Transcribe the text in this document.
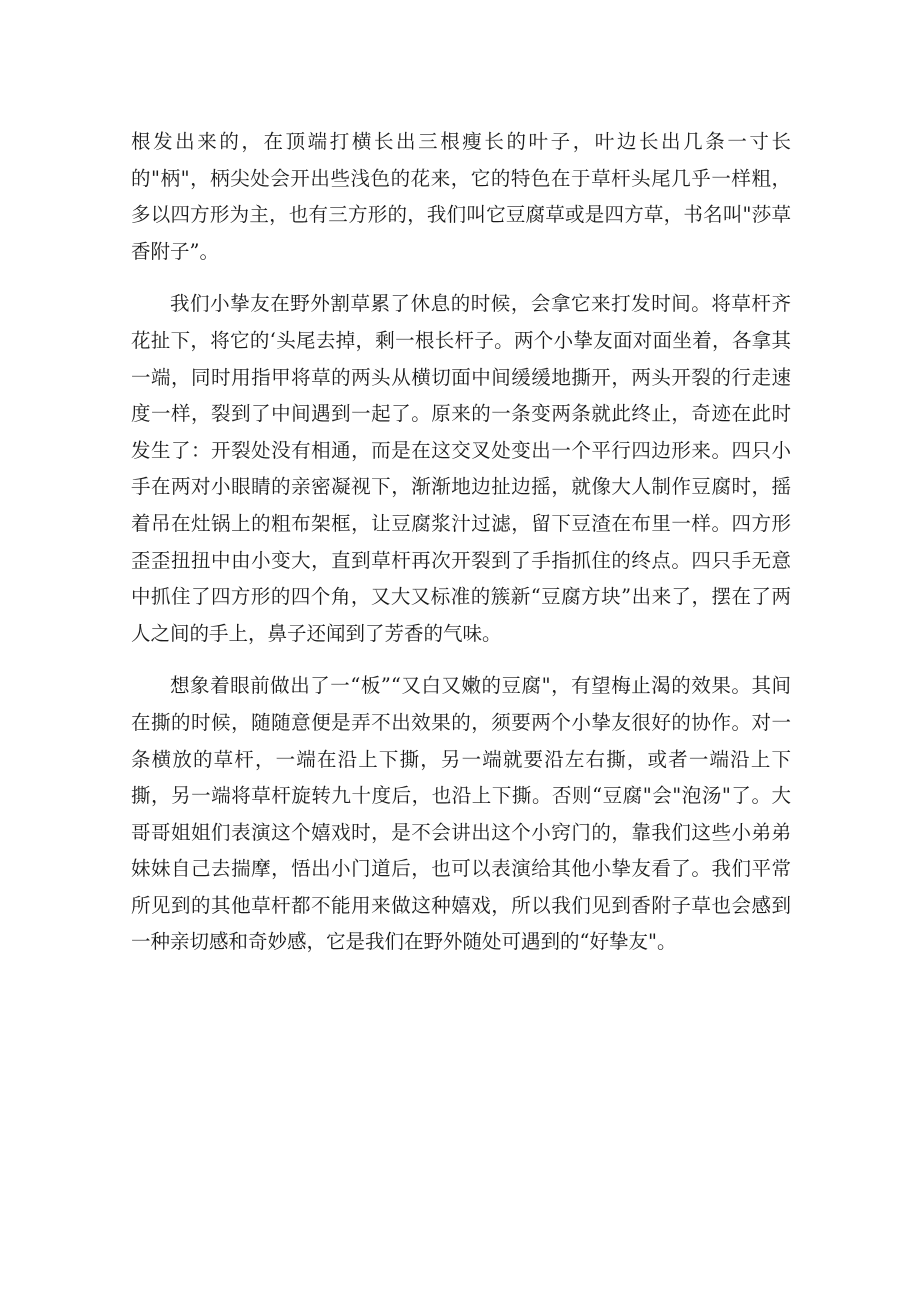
根发出来的，在顶端打横长出三根瘦长的叶子，叶边长出几条一寸长的"柄"，柄尖处会开出些浅色的花来，它的特色在于草杆头尾几乎一样粗，多以四方形为主，也有三方形的，我们叫它豆腐草或是四方草，书名叫"莎草香附子”。

我们小挚友在野外割草累了休息的时候，会拿它来打发时间。将草杆齐花扯下，将它的‘头尾去掉，剩一根长杆子。两个小挚友面对面坐着，各拿其一端，同时用指甲将草的两头从横切面中间缓缓地撕开，两头开裂的行走速度一样，裂到了中间遇到一起了。原来的一条变两条就此终止，奇迹在此时发生了：开裂处没有相通，而是在这交叉处变出一个平行四边形来。四只小手在两对小眼睛的亲密凝视下，渐渐地边扯边摇，就像大人制作豆腐时，摇着吊在灶锅上的粗布架框，让豆腐浆汁过滤，留下豆渣在布里一样。四方形歪歪扭扭中由小变大，直到草杆再次开裂到了手指抓住的终点。四只手无意中抓住了四方形的四个角，又大又标准的簇新“豆腐方块”出来了，摆在了两人之间的手上，鼻子还闻到了芳香的气味。

想象着眼前做出了一“板”“又白又嫩的豆腐"，有望梅止渴的效果。其间在撕的时候，随随意便是弄不出效果的，须要两个小挚友很好的协作。对一条横放的草杆，一端在沿上下撕，另一端就要沿左右撕，或者一端沿上下撕，另一端将草杆旋转九十度后，也沿上下撕。否则“豆腐"会"泡汤"了。大哥哥姐姐们表演这个嬉戏时，是不会讲出这个小窍门的，靠我们这些小弟弟妹妹自己去揣摩，悟出小门道后，也可以表演给其他小挚友看了。我们平常所见到的其他草杆都不能用来做这种嬉戏，所以我们见到香附子草也会感到一种亲切感和奇妙感，它是我们在野外随处可遇到的“好挚友"。
